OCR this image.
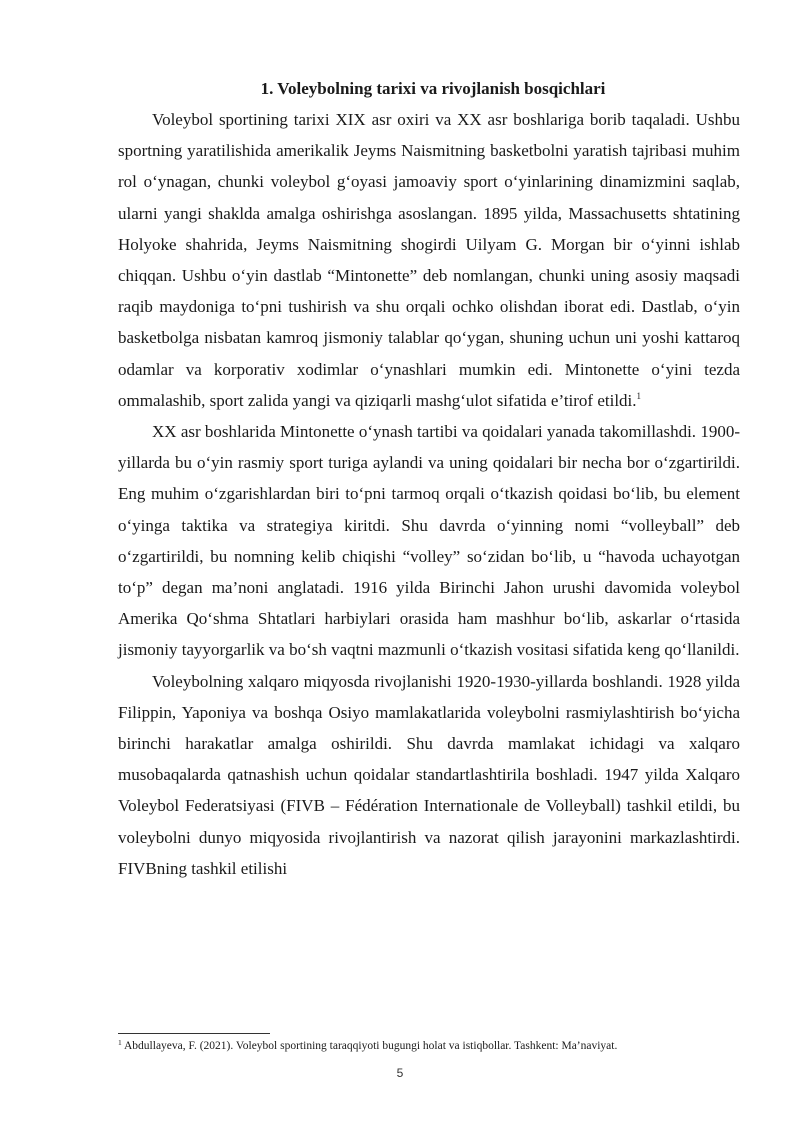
1. Voleybolning tarixi va rivojlanish bosqichlari

Voleybol sportining tarixi XIX asr oxiri va XX asr boshlariga borib taqaladi. Ushbu sportning yaratilishida amerikalik Jeyms Naismitning basketbolni yaratish tajribasi muhim rol o‘ynagan, chunki voleybol g‘oyasi jamoaviy sport o‘yinlarining dinamizmini saqlab, ularni yangi shaklda amalga oshirishga asoslangan. 1895 yilda, Massachusetts shtatining Holyoke shahrida, Jeyms Naismitning shogirdi Uilyam G. Morgan bir o‘yinni ishlab chiqqan. Ushbu o‘yin dastlab “Mintonette” deb nomlangan, chunki uning asosiy maqsadi raqib maydoniga to‘pni tushirish va shu orqali ochko olishdan iborat edi. Dastlab, o‘yin basketbolga nisbatan kamroq jismoniy talablar qo‘ygan, shuning uchun uni yoshi kattaroq odamlar va korporativ xodimlar o‘ynashlari mumkin edi. Mintonette o‘yini tezda ommalashib, sport zalida yangi va qiziqarli mashg‘ulot sifatida e’tirof etildi.$^1$

XX asr boshlarida Mintonette o‘ynash tartibi va qoidalari yanada takomillashdi. 1900-yillarda bu o‘yin rasmiy sport turiga aylandi va uning qoidalari bir necha bor o‘zgartirildi. Eng muhim o‘zgarishlardan biri to‘pni tarmoq orqali o‘tkazish qoidasi bo‘lib, bu element o‘yinga taktika va strategiya kiritdi. Shu davrda o‘yinning nomi “volleyball” deb o‘zgartirildi, bu nomning kelib chiqishi “volley” so‘zidan bo‘lib, u “havoda uchayotgan to‘p” degan ma’noni anglatadi. 1916 yilda Birinchi Jahon urushi davomida voleybol Amerika Qo‘shma Shtatlari harbiylari orasida ham mashhur bo‘lib, askarlar o‘rtasida jismoniy tayyorgarlik va bo‘sh vaqtni mazmunli o‘tkazish vositasi sifatida keng qo‘llanildi.

Voleybolning xalqaro miqyosda rivojlanishi 1920-1930-yillarda boshlandi. 1928 yilda Filippin, Yaponiya va boshqa Osiyo mamlakatlarida voleybolni rasmiylashtirish bo‘yicha birinchi harakatlar amalga oshirildi. Shu davrda mamlakat ichidagi va xalqaro musobaqalarda qatnashish uchun qoidalar standartlashtirila boshladi. 1947 yilda Xalqaro Voleybol Federatsiyasi (FIVB – Fédération Internationale de Volleyball) tashkil etildi, bu voleybolni dunyo miqyosida rivojlantirish va nazorat qilish jarayonini markazlashtirdi. FIVBning tashkil etilishi

$^1$ Abdullayeva, F. (2021). Voleybol sportining taraqqiyoti bugungi holat va istiqbollar. Tashkent: Ma’naviyat.

5
